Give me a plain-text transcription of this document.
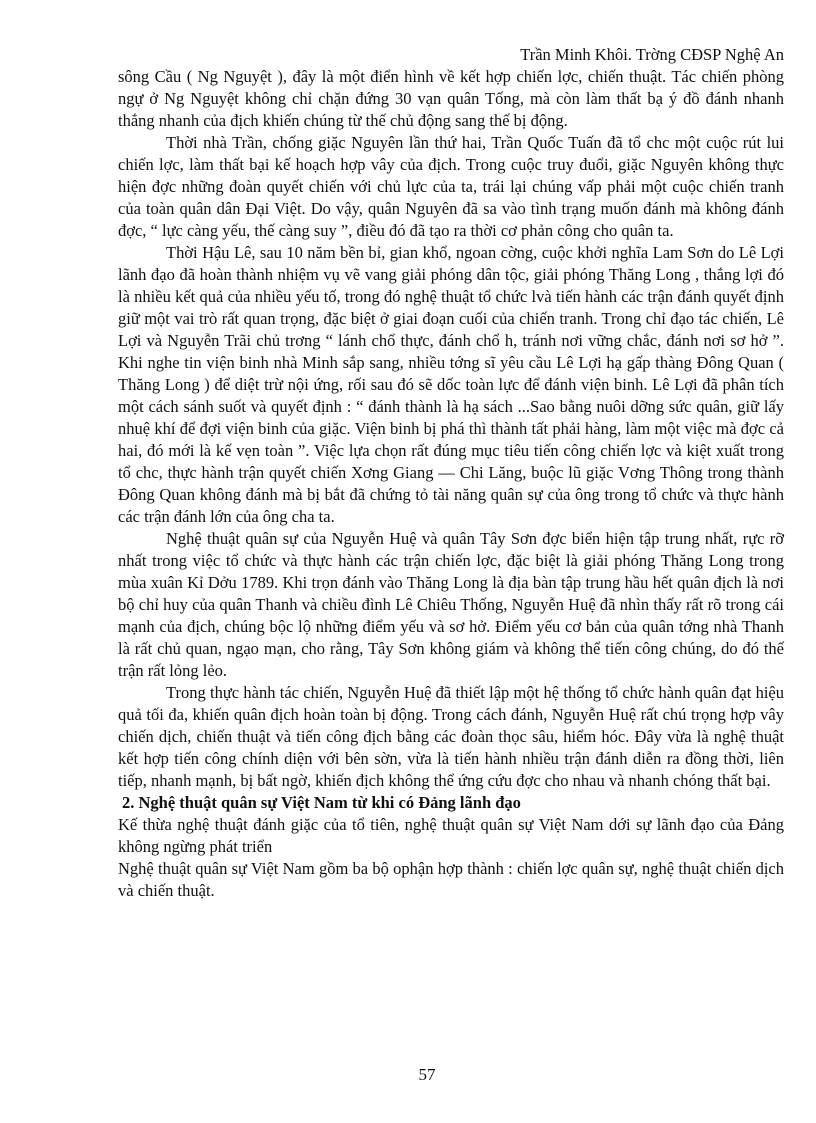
Trần Minh Khôi. Trờng CĐSP Nghệ An

sông Cầu ( Ng Nguyệt ), đây là một điển hình về kết hợp chiến lợc, chiến thuật. Tác chiến phòng ngự ở Ng Nguyệt không chỉ chặn đứng 30 vạn quân Tống, mà còn làm thất bạ ý đồ đánh nhanh thắng nhanh của địch khiến chúng từ thế chủ động sang thế bị động.

Thời nhà Trần, chống giặc Nguyên lần thứ hai, Trần Quốc Tuấn đã tổ chc một cuộc rút lui chiến lợc, làm thất bại kế hoạch hợp vây của địch. Trong cuộc truy đuổi, giặc Nguyên không thực hiện đợc những đoàn quyết chiến với chủ lực của ta, trái lại chúng vấp phải một cuộc chiến tranh của toàn quân dân Đại Việt. Do vậy, quân Nguyên đã sa vào tình trạng muốn đánh mà không đánh đợc, “ lực càng yếu, thế càng suy ”, điều đó đã tạo ra thời cơ phản công cho quân ta.

Thời Hậu Lê, sau 10 năm bền bỉ, gian khổ, ngoan cờng, cuộc khởi nghĩa Lam Sơn do Lê Lợi lãnh đạo đã hoàn thành nhiệm vụ vẽ vang giải phóng dân tộc, giải phóng Thăng Long , thắng lợi đó là nhiều kết quả của nhiều yếu tố, trong đó nghệ thuật tổ chức lvà tiến hành các trận đánh quyết định giữ một vai trò rất quan trọng, đặc biệt ở giai đoạn cuối của chiến tranh. Trong chỉ đạo tác chiến, Lê Lợi và Nguyễn Trãi chủ trơng “ lánh chổ thực, đánh chổ h, tránh nơi vững chắc, đánh nơi sơ hở ”. Khi nghe tin viện binh nhà Minh sắp sang, nhiều tớng sĩ yêu cầu Lê Lợi hạ gấp thàng Đông Quan ( Thăng Long ) để diệt trừ nội ứng, rối sau đó sẽ dốc toàn lực để đánh viện binh. Lê Lợi đã phân tích một cách sánh suốt và quyết định : “ đánh thành là hạ sách ...Sao bằng nuôi dỡng sức quân, giữ lấy nhuệ khí để đợi viện binh của giặc. Viện binh bị phá thì thành tất phải hàng, làm một việc mà đợc cả hai, đó mới là kế vẹn toàn ”. Việc lựa chọn rất đúng mục tiêu tiến công chiến lợc và kiệt xuất trong tổ chc, thực hành trận quyết chiến Xơng Giang — Chi Lăng, buộc lũ giặc Vơng Thông trong thành Đông Quan không đánh mà bị bắt đã chứng tỏ tài năng quân sự của ông trong tổ chức và thực hành các trận đánh lớn của ông cha ta.

Nghệ thuật quân sự của Nguyễn Huệ và quân Tây Sơn đợc biển hiện tập trung nhất, rực rỡ nhất trong việc tổ chức và thực hành các trận chiến lợc, đặc biệt là giải phóng Thăng Long trong mùa xuân Kỉ Dởu 1789. Khi trọn đánh vào Thăng Long là địa bàn tập trung hầu hết quân địch là nơi bộ chỉ huy của quân Thanh và chiều đình Lê Chiêu Thống, Nguyễn Huệ đã nhìn thấy rất rõ trong cái mạnh của địch, chúng bộc lộ những điểm yếu và sơ hở. Điểm yếu cơ bản của quân tớng nhà Thanh là rất chủ quan, ngạo mạn, cho rằng, Tây Sơn không giám và không thể tiến công chúng, do đó thế trận rất lỏng lẻo.

Trong thực hành tác chiến, Nguyễn Huệ đã thiết lập một hệ thống tổ chức hành quân đạt hiệu quả tối đa, khiến quân địch hoàn toàn bị động. Trong cách đánh, Nguyễn Huệ rất chú trọng hợp vây chiến dịch, chiến thuật và tiến công địch bằng các đoàn thọc sâu, hiểm hóc. Đây vừa là nghệ thuật kết hợp tiến công chính diện với bên sờn, vừa là tiến hành nhiều trận đánh diễn ra đồng thời, liên tiếp, nhanh mạnh, bị bất ngờ, khiến địch không thể ứng cứu đợc cho nhau và nhanh chóng thất bại.

2. Nghệ thuật quân sự Việt Nam từ khi có Đảng lãnh đạo

Kế thừa nghệ thuật đánh giặc của tổ tiên, nghệ thuật quân sự Việt Nam dới sự lãnh đạo của Đảng không ngừng phát triển

Nghệ thuật quân sự Việt Nam gồm ba bộ ophận hợp thành : chiến lợc quân sự, nghệ thuật chiến dịch và chiến thuật.

57
